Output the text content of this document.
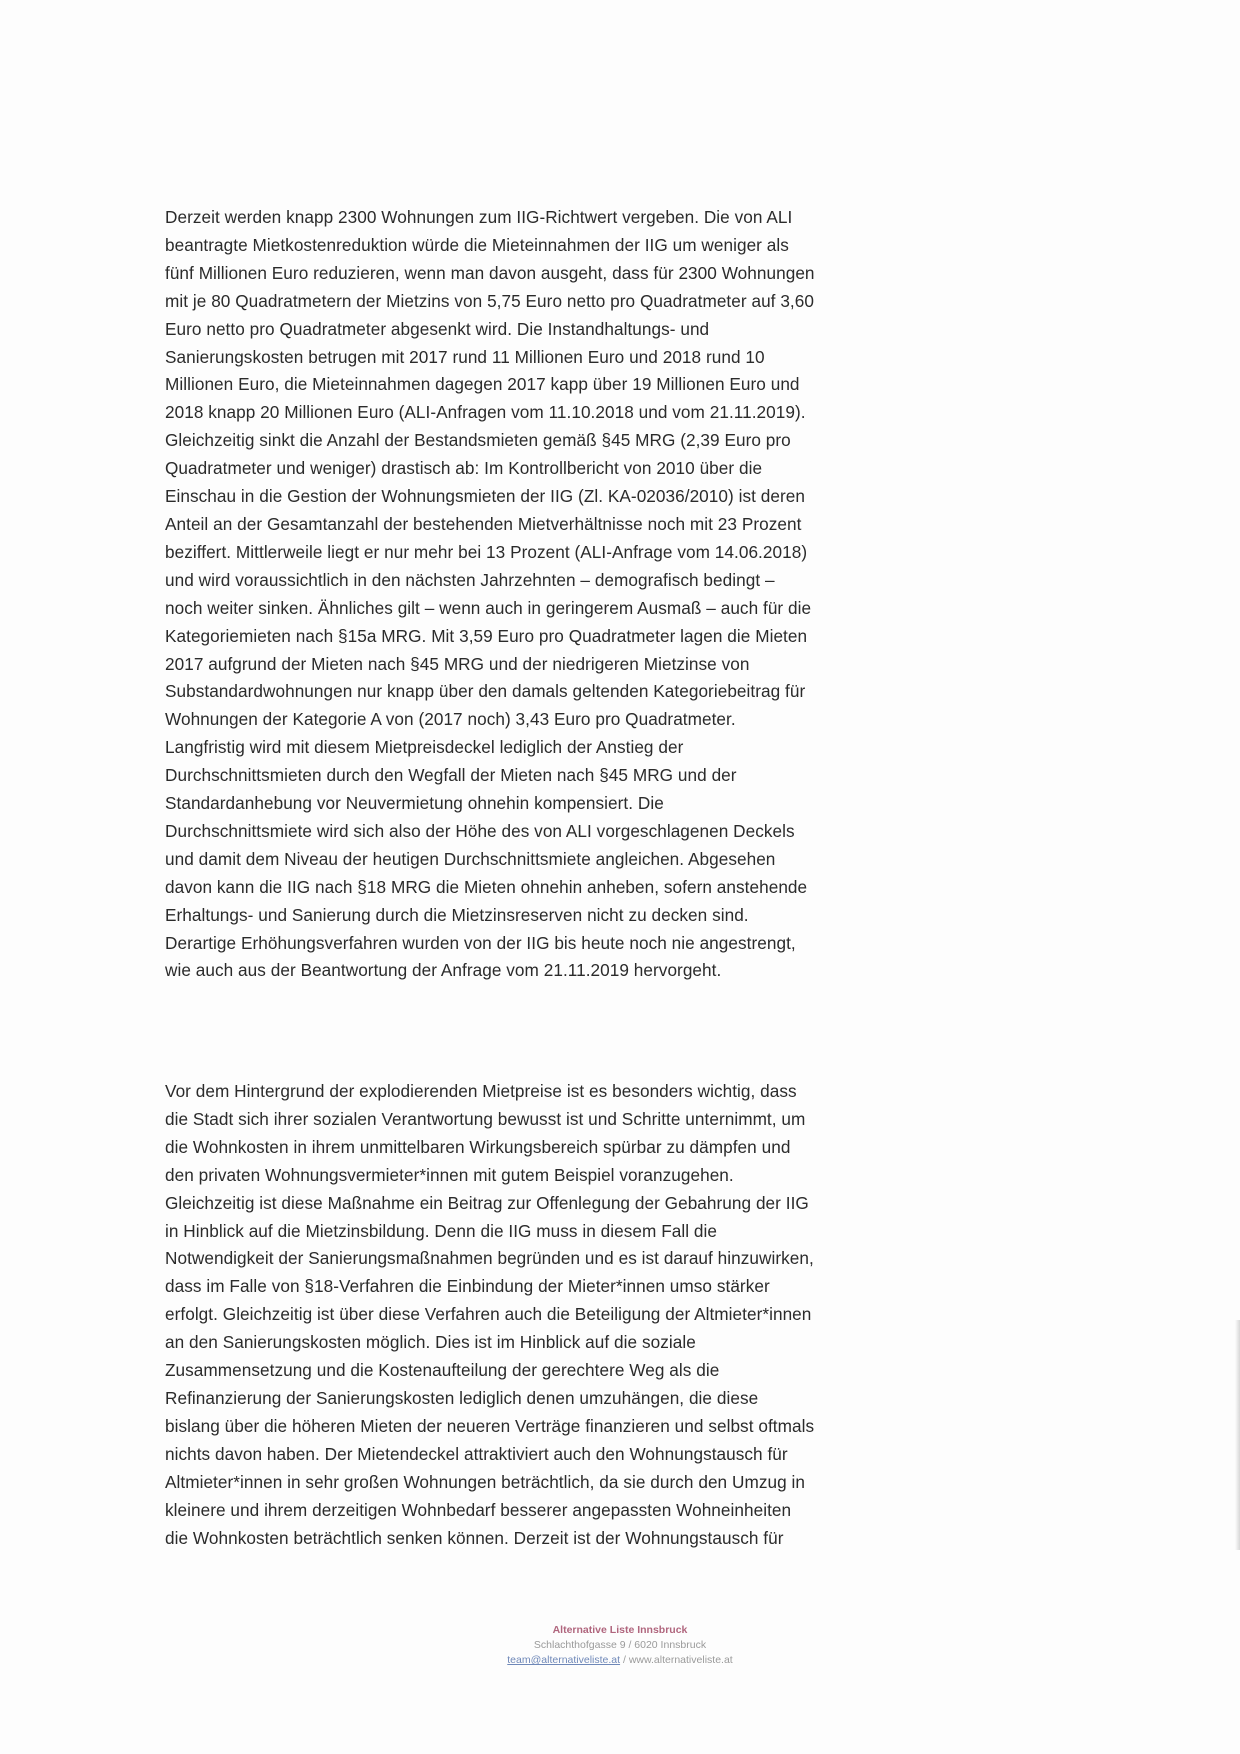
Derzeit werden knapp 2300 Wohnungen zum IIG-Richtwert vergeben. Die von ALI
beantragte Mietkostenreduktion würde die Mieteinnahmen der IIG um weniger als
fünf Millionen Euro reduzieren, wenn man davon ausgeht, dass für 2300 Wohnungen
mit je 80 Quadratmetern der Mietzins von 5,75 Euro netto pro Quadratmeter auf 3,60
Euro netto pro Quadratmeter abgesenkt wird. Die Instandhaltungs- und
Sanierungskosten betrugen mit 2017 rund 11 Millionen Euro und 2018 rund 10
Millionen Euro, die Mieteinnahmen dagegen 2017 kapp über 19 Millionen Euro und
2018 knapp 20 Millionen Euro (ALI-Anfragen vom 11.10.2018 und vom 21.11.2019).
Gleichzeitig sinkt die Anzahl der Bestandsmieten gemäß §45 MRG (2,39 Euro pro
Quadratmeter und weniger) drastisch ab: Im Kontrollbericht von 2010 über die
Einschau in die Gestion der Wohnungsmieten der IIG (Zl. KA-02036/2010) ist deren
Anteil an der Gesamtanzahl der bestehenden Mietverhältnisse noch mit 23 Prozent
beziffert. Mittlerweile liegt er nur mehr bei 13 Prozent (ALI-Anfrage vom 14.06.2018)
und wird voraussichtlich in den nächsten Jahrzehnten – demografisch bedingt –
noch weiter sinken. Ähnliches gilt – wenn auch in geringerem Ausmaß – auch für die
Kategoriemieten nach §15a MRG. Mit 3,59 Euro pro Quadratmeter lagen die Mieten
2017 aufgrund der Mieten nach §45 MRG und der niedrigeren Mietzinse von
Substandardwohnungen nur knapp über den damals geltenden Kategoriebeitrag für
Wohnungen der Kategorie A von (2017 noch) 3,43 Euro pro Quadratmeter.
Langfristig wird mit diesem Mietpreisdeckel lediglich der Anstieg der
Durchschnittsmieten durch den Wegfall der Mieten nach §45 MRG und der
Standardanhebung vor Neuvermietung ohnehin kompensiert. Die
Durchschnittsmiete wird sich also der Höhe des von ALI vorgeschlagenen Deckels
und damit dem Niveau der heutigen Durchschnittsmiete angleichen. Abgesehen
davon kann die IIG nach §18 MRG die Mieten ohnehin anheben, sofern anstehende
Erhaltungs- und Sanierung durch die Mietzinsreserven nicht zu decken sind.
Derartige Erhöhungsverfahren wurden von der IIG bis heute noch nie angestrengt,
wie auch aus der Beantwortung der Anfrage vom 21.11.2019 hervorgeht.
Vor dem Hintergrund der explodierenden Mietpreise ist es besonders wichtig, dass
die Stadt sich ihrer sozialen Verantwortung bewusst ist und Schritte unternimmt, um
die Wohnkosten in ihrem unmittelbaren Wirkungsbereich spürbar zu dämpfen und
den privaten Wohnungsvermieter*innen mit gutem Beispiel voranzugehen.
Gleichzeitig ist diese Maßnahme ein Beitrag zur Offenlegung der Gebahrung der IIG
in Hinblick auf die Mietzinsbildung. Denn die IIG muss in diesem Fall die
Notwendigkeit der Sanierungsmaßnahmen begründen und es ist darauf hinzuwirken,
dass im Falle von §18-Verfahren die Einbindung der Mieter*innen umso stärker
erfolgt. Gleichzeitig ist über diese Verfahren auch die Beteiligung der Altmieter*innen
an den Sanierungskosten möglich. Dies ist im Hinblick auf die soziale
Zusammensetzung und die Kostenaufteilung der gerechtere Weg als die
Refinanzierung der Sanierungskosten lediglich denen umzuhängen, die diese
bislang über die höheren Mieten der neueren Verträge finanzieren und selbst oftmals
nichts davon haben. Der Mietendeckel attraktiviert auch den Wohnungstausch für
Altmieter*innen in sehr großen Wohnungen beträchtlich, da sie durch den Umzug in
kleinere und ihrem derzeitigen Wohnbedarf besserer angepassten Wohneinheiten
die Wohnkosten beträchtlich senken können. Derzeit ist der Wohnungstausch für
Alternative Liste Innsbruck
Schlachthofgasse 9 / 6020 Innsbruck
team@alternativeliste.at / www.alternativeliste.at
